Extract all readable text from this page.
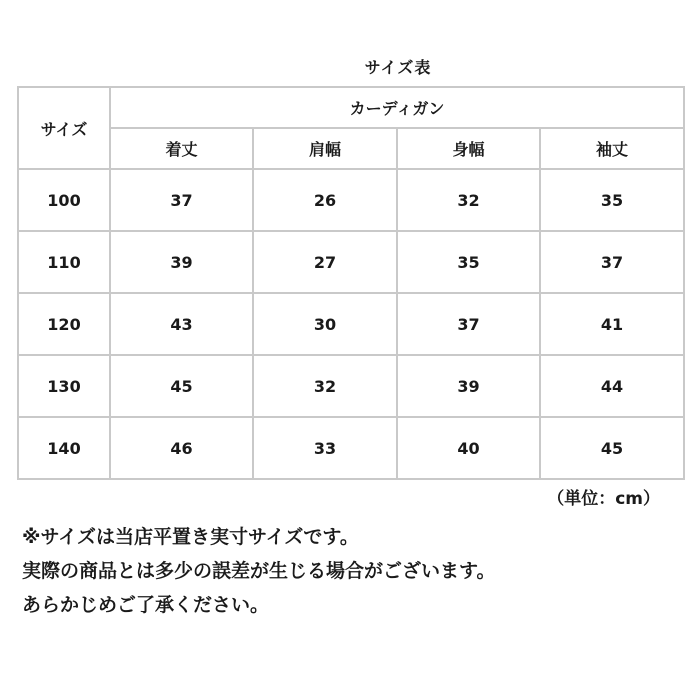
サイズ表
サイズ	カーディガン			
	着丈	肩幅	身幅	袖丈
100	37	26	32	35
110	39	27	35	37
120	43	30	37	41
130	45	32	39	44
140	46	33	40	45
（単位：cm）
※サイズは当店平置き実寸サイズです。
実際の商品とは多少の誤差が生じる場合がございます。
あらかじめご了承ください。
